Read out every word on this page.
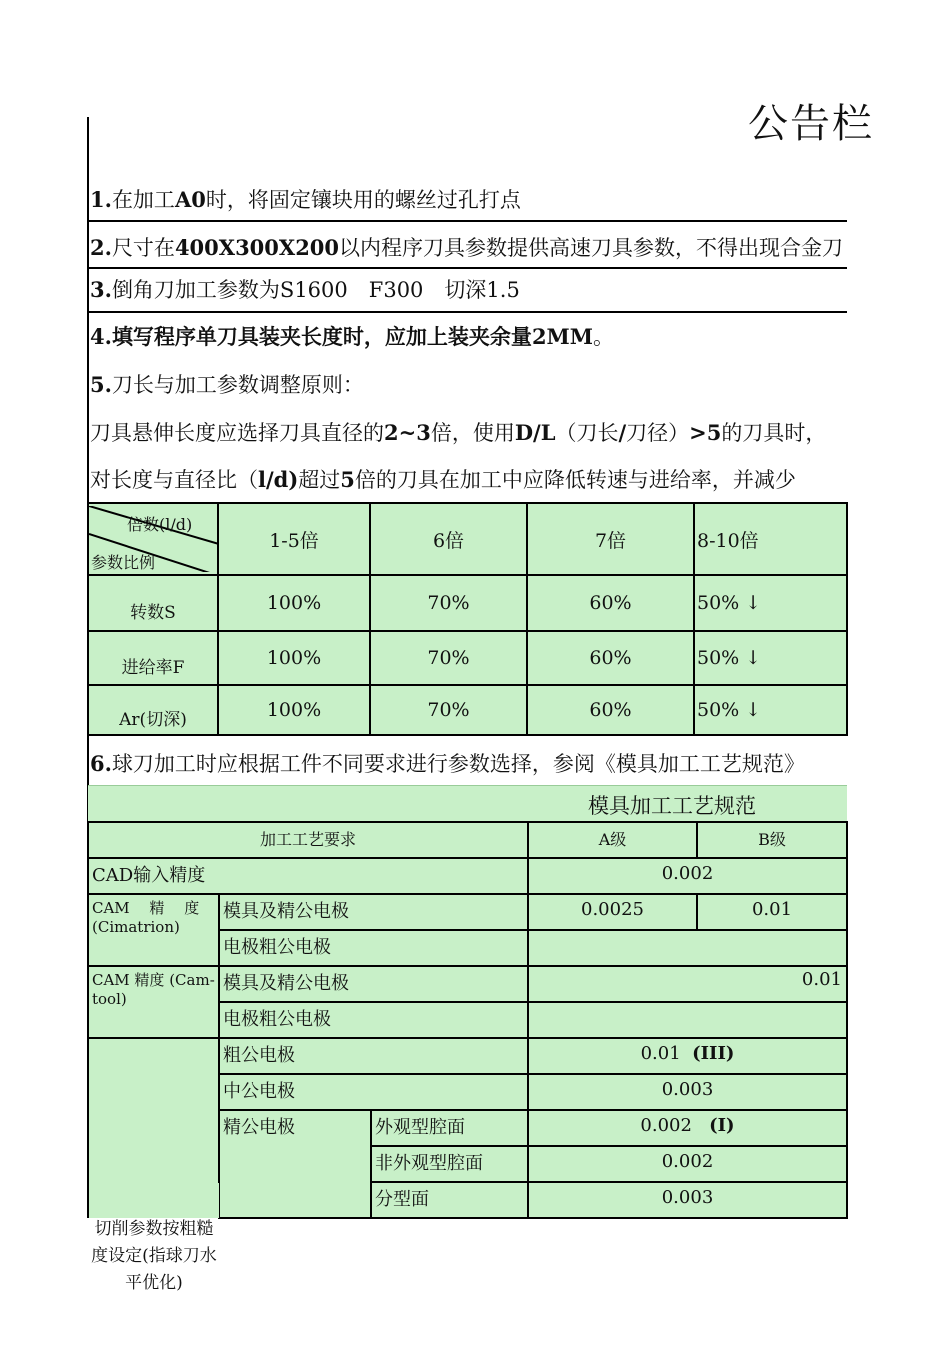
公告栏
1.在加工A0时，将固定镶块用的螺丝过孔打点
2.尺寸在400X300X200以内程序刀具参数提供高速刀具参数，不得出现合金刀
3.倒角刀加工参数为S1600　F300　切深1.5
4.填写程序单刀具装夹长度时，应加上装夹余量2MM。
5.刀长与加工参数调整原则：
刀具悬伸长度应选择刀具直径的2~3倍，使用D/L（刀长/刀径）>5的刀具时，
对长度与直径比（l/d)超过5倍的刀具在加工中应降低转速与进给率，并减少
倍数(l/d)
参数比例	1-5倍	6倍	7倍	8-10倍
转数S	100%	70%	60%	50% ↓
进给率F	100%	70%	60%	50% ↓
Ar(切深)	100%	70%	60%	50% ↓
6.球刀加工时应根据工件不同要求进行参数选择，参阅《模具加工工艺规范》
模具加工工艺规范
加工工艺要求			A级	B级
CAD输入精度			0.002	
CAM　 精　 度 (Cimatrion)	模具及精公电极		0.0025	0.01
	电极粗公电极			
CAM 精度 (Cam-tool)	模具及精公电极		0.01	
	电极粗公电极			
	粗公电极		0.01 (III)	
	中公电极		0.003	
	精公电极	外观型腔面	0.002 (I)	
		非外观型腔面	0.002	
		分型面	0.003	
切削参数按粗糙度设定(指球刀水平优化)
